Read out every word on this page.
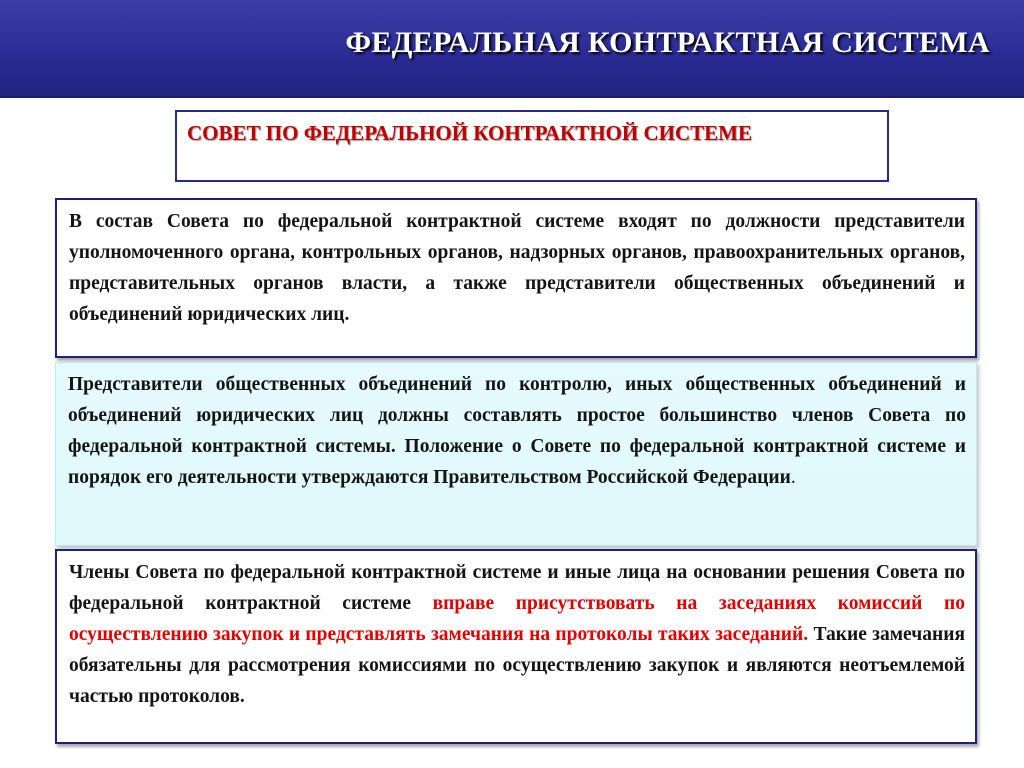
ФЕДЕРАЛЬНАЯ КОНТРАКТНАЯ СИСТЕМА
СОВЕТ ПО ФЕДЕРАЛЬНОЙ КОНТРАКТНОЙ СИСТЕМЕ
В состав Совета по федеральной контрактной системе входят по должности представители уполномоченного органа, контрольных органов, надзорных органов, правоохранительных органов, представительных органов власти, а также представители общественных объединений и объединений юридических лиц.
Представители общественных объединений по контролю, иных общественных объединений и объединений юридических лиц должны составлять простое большинство членов Совета по федеральной контрактной системы. Положение о Совете по федеральной контрактной системе и порядок его деятельности утверждаются Правительством Российской Федерации.
Члены Совета по федеральной контрактной системе и иные лица на основании решения Совета по федеральной контрактной системе вправе присутствовать на заседаниях комиссий по осуществлению закупок и представлять замечания на протоколы таких заседаний. Такие замечания обязательны для рассмотрения комиссиями по осуществлению закупок и являются неотъемлемой частью протоколов.
